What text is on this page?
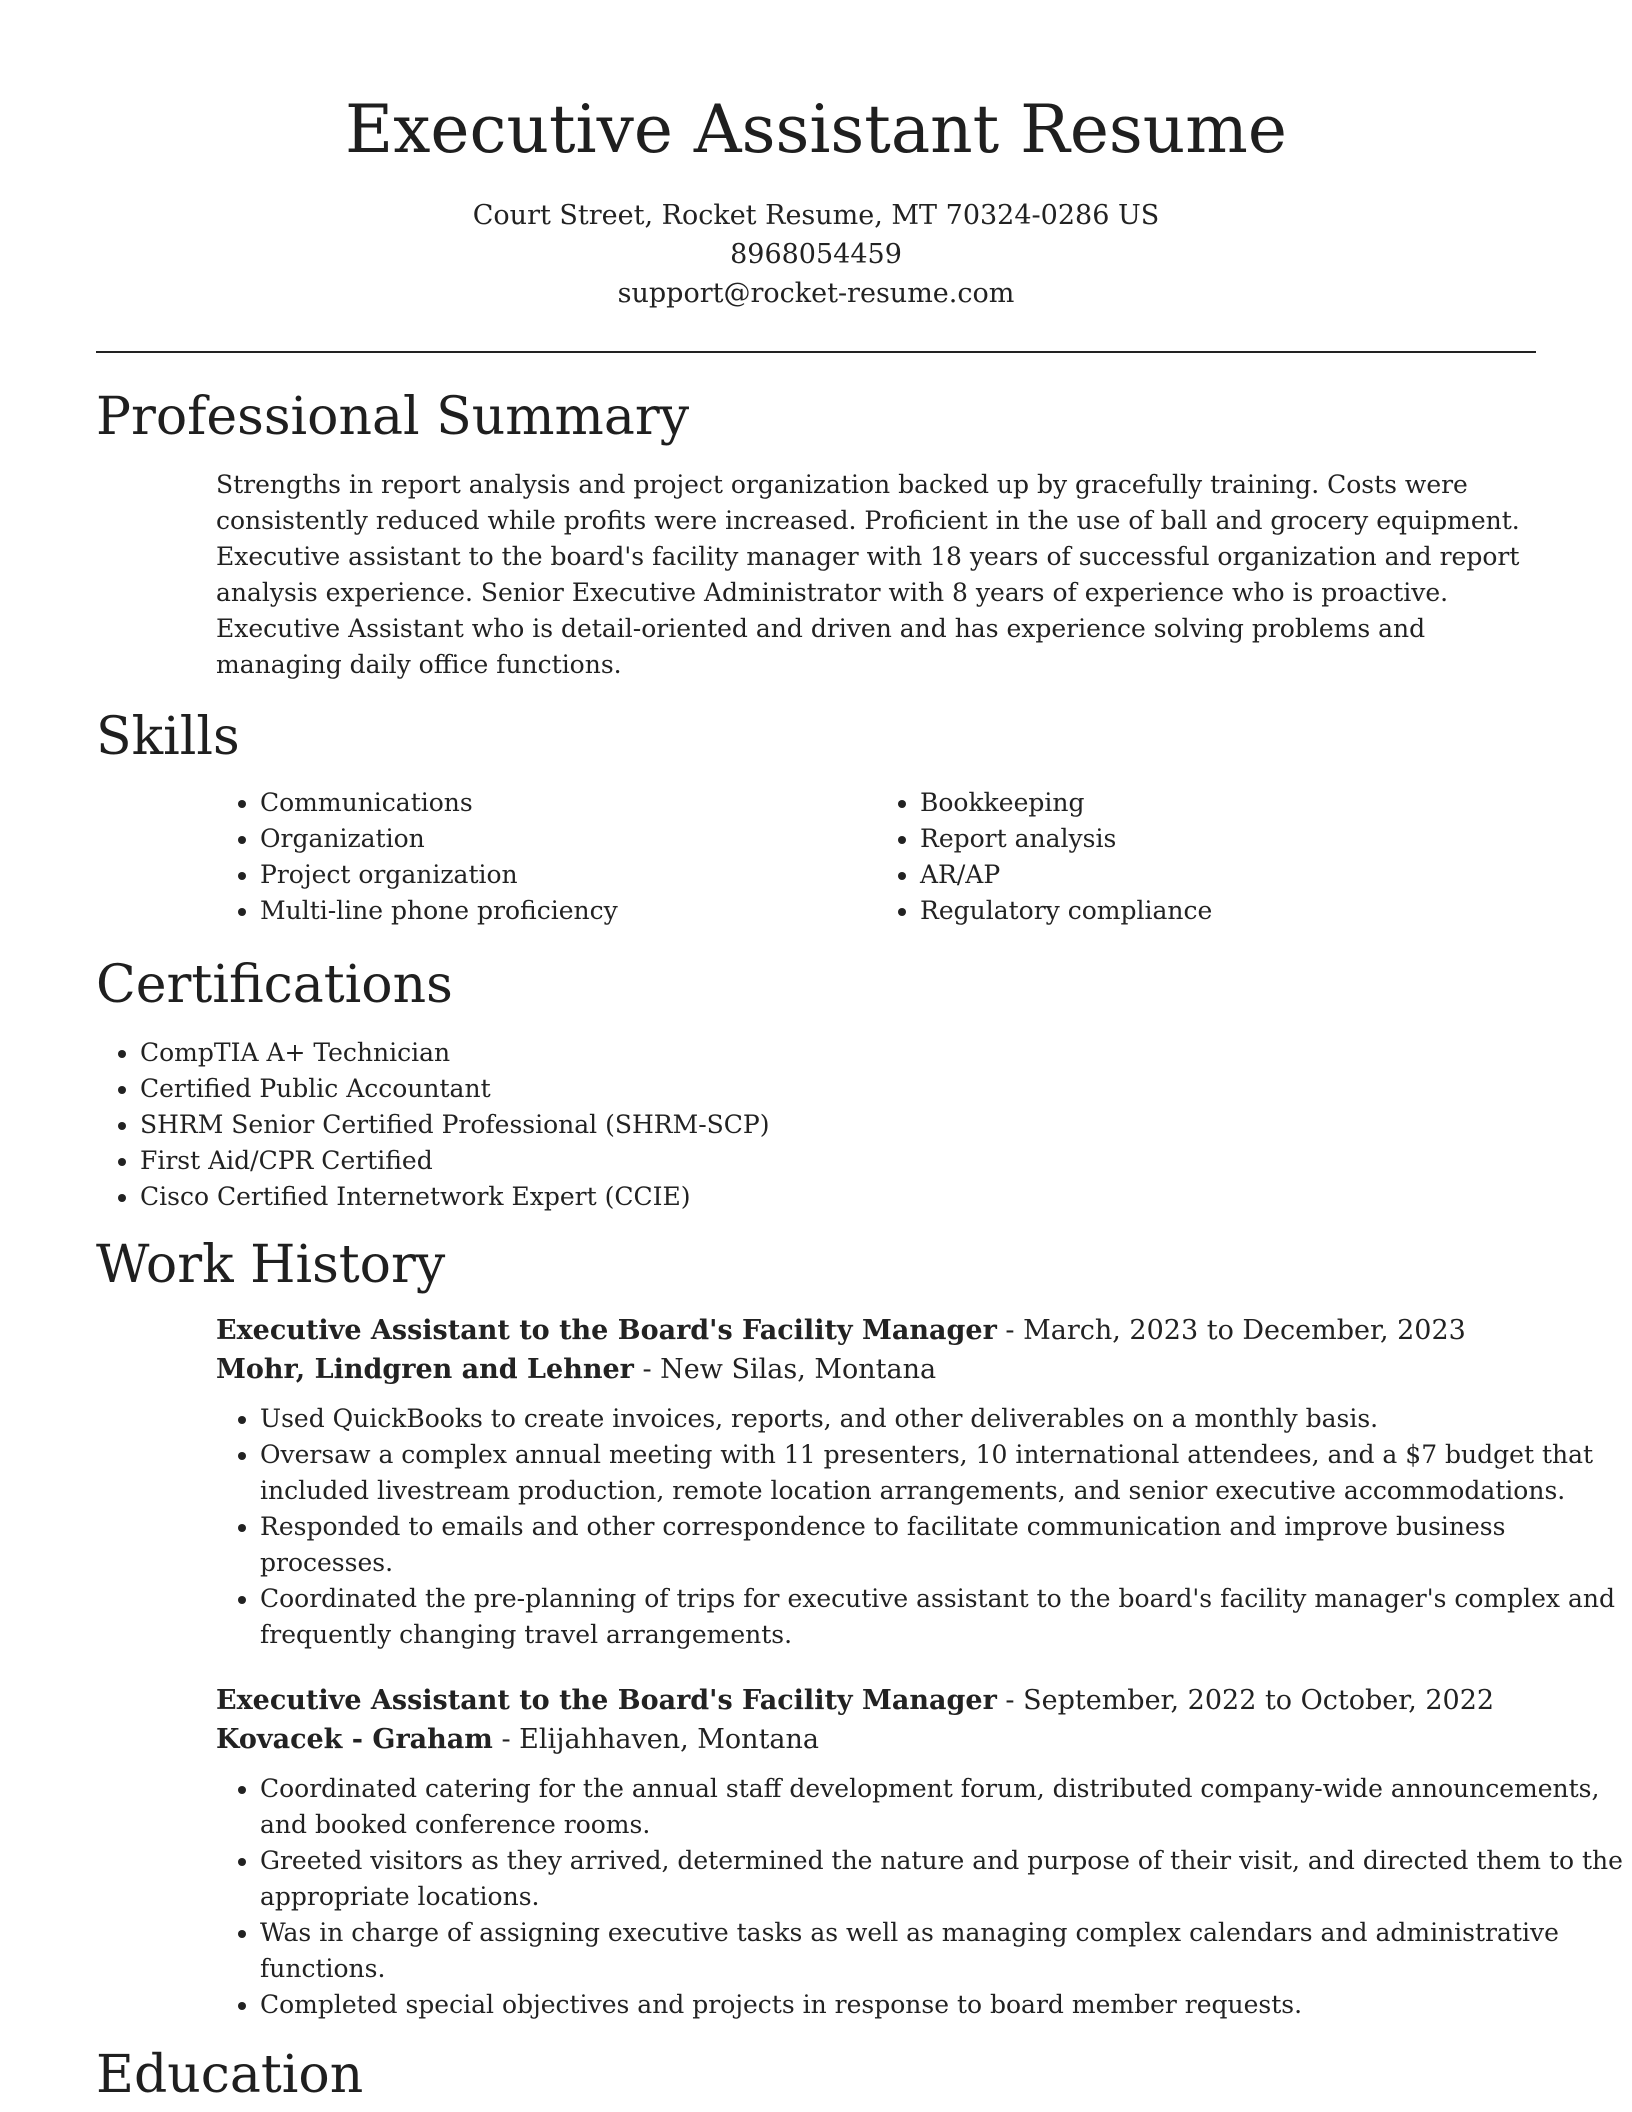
Executive Assistant Resume
Court Street, Rocket Resume, MT 70324-0286 US
8968054459
support@rocket-resume.com
Professional Summary

Strengths in report analysis and project organization backed up by gracefully training. Costs were consistently reduced while profits were increased. Proficient in the use of ball and grocery equipment. Executive assistant to the board's facility manager with 18 years of successful organization and report analysis experience. Senior Executive Administrator with 8 years of experience who is proactive. Executive Assistant who is detail-oriented and driven and has experience solving problems and managing daily office functions.

Skills
• Communications
• Organization
• Project organization
• Multi-line phone proficiency
• Bookkeeping
• Report analysis
• AR/AP
• Regulatory compliance
Certifications
• CompTIA A+ Technician
• Certified Public Accountant
• SHRM Senior Certified Professional (SHRM-SCP)
• First Aid/CPR Certified
• Cisco Certified Internetwork Expert (CCIE)
Work History
Executive Assistant to the Board's Facility Manager - March, 2023 to December, 2023
Mohr, Lindgren and Lehner - New Silas, Montana
• Used QuickBooks to create invoices, reports, and other deliverables on a monthly basis.
• Oversaw a complex annual meeting with 11 presenters, 10 international attendees, and a $7 budget that included livestream production, remote location arrangements, and senior executive accommodations.
• Responded to emails and other correspondence to facilitate communication and improve business processes.
• Coordinated the pre-planning of trips for executive assistant to the board's facility manager's complex and frequently changing travel arrangements.
Executive Assistant to the Board's Facility Manager - September, 2022 to October, 2022
Kovacek - Graham - Elijahhaven, Montana
• Coordinated catering for the annual staff development forum, distributed company-wide announcements, and booked conference rooms.
• Greeted visitors as they arrived, determined the nature and purpose of their visit, and directed them to the appropriate locations.
• Was in charge of assigning executive tasks as well as managing complex calendars and administrative functions.
• Completed special objectives and projects in response to board member requests.
Education
